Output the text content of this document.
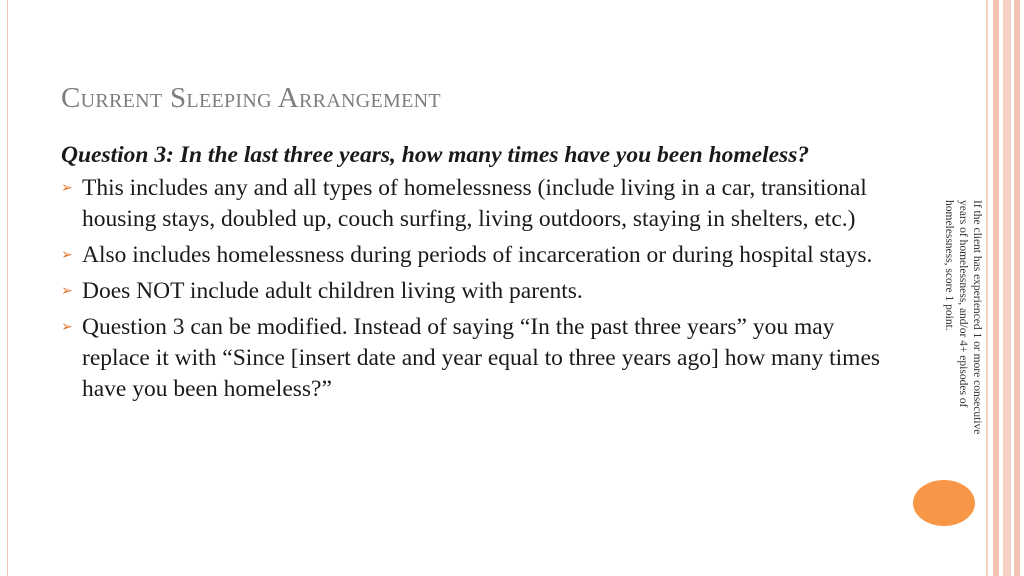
Current Sleeping Arrangement

Question 3: In the last three years, how many times have you been homeless?

➢ This includes any and all types of homelessness (include living in a car, transitional housing stays, doubled up, couch surfing, living outdoors, staying in shelters, etc.)
➢ Also includes homelessness during periods of incarceration or during hospital stays.
➢ Does NOT include adult children living with parents.
➢ Question 3 can be modified. Instead of saying “In the past three years” you may replace it with “Since [insert date and year equal to three years ago] how many times have you been homeless?”	If the client has experienced 1 or more consecutive years of homelessness, and/or 4+ episodes of homelessness, score 1 point.
